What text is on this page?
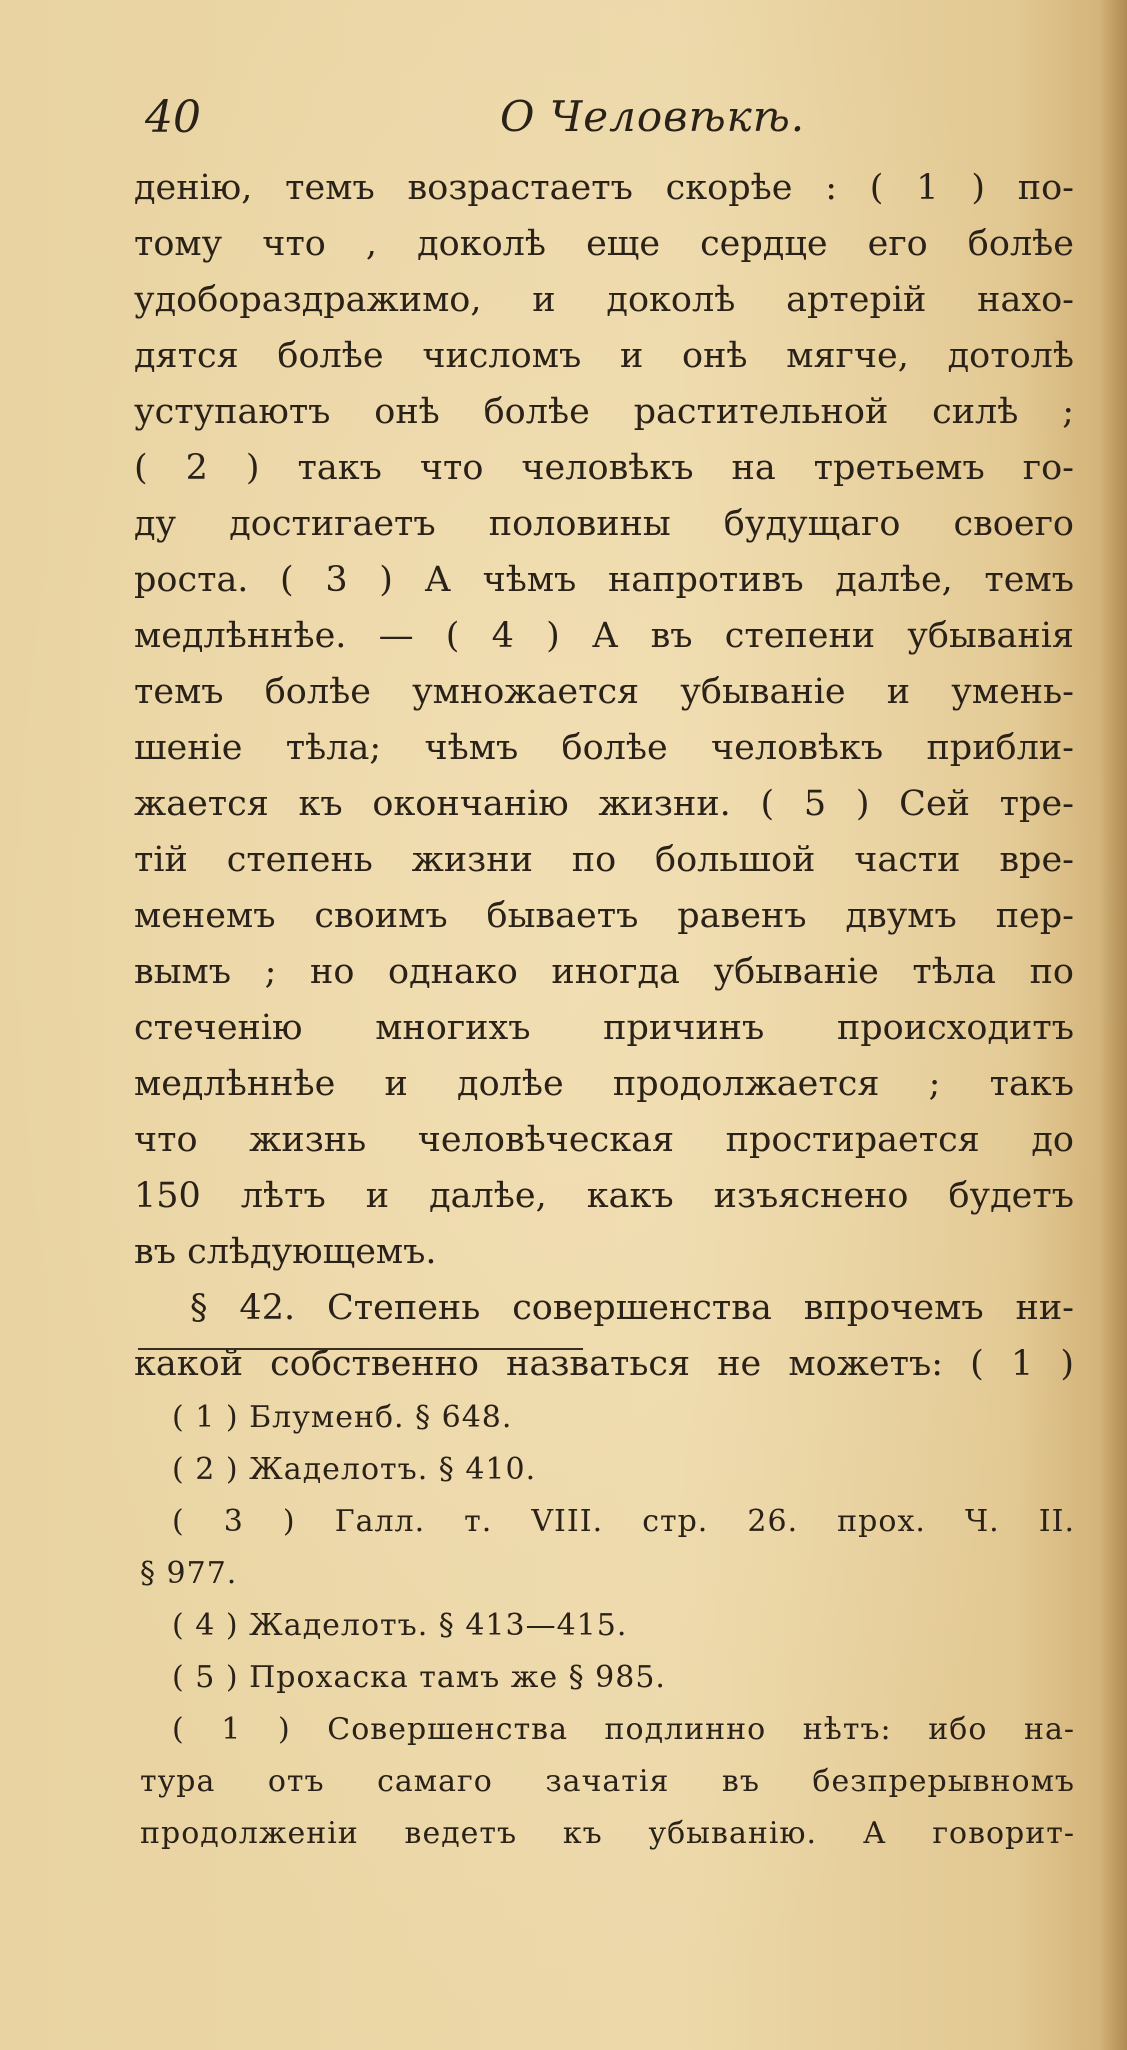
40	О Человѣкѣ.
денію, темъ возрастаетъ скорѣе : ( 1 ) по-
тому что , доколѣ еще сердце его болѣе
удобораздражимо, и доколѣ артерій нахо-
дятся болѣе числомъ и онѣ мягче, дотолѣ
уступаютъ онѣ болѣе растительной силѣ ;
( 2 ) такъ что человѣкъ на третьемъ го-
ду достигаетъ половины будущаго своего
роста. ( 3 ) А чѣмъ напротивъ далѣе, темъ
медлѣннѣе. — ( 4 ) А въ степени убыванія
темъ болѣе умножается убываніе и умень-
шеніе тѣла; чѣмъ болѣе человѣкъ прибли-
жается къ окончанію жизни. ( 5 ) Сей тре-
тій степень жизни по большой части вре-
менемъ своимъ бываетъ равенъ двумъ пер-
вымъ ; но однако иногда убываніе тѣла по
стеченію многихъ причинъ происходитъ
медлѣннѣе и долѣе продолжается ; такъ
что жизнь человѣческая простирается до
150 лѣтъ и далѣе, какъ изъяснено будетъ
въ слѣдующемъ.
§ 42. Степень совершенства впрочемъ ни-
какой собственно назваться не можетъ: ( 1 )
( 1 ) Блуменб. § 648.
( 2 ) Жаделотъ. § 410.
( 3 ) Галл. т. VIII. стр. 26. прох. Ч. II.
§ 977.
( 4 ) Жаделотъ. § 413—415.
( 5 ) Прохаска тамъ же § 985.
( 1 ) Совершенства подлинно нѣтъ: ибо на-
тура отъ самаго зачатія въ безпрерывномъ
продолженіи ведетъ къ убыванію. А говорит-
